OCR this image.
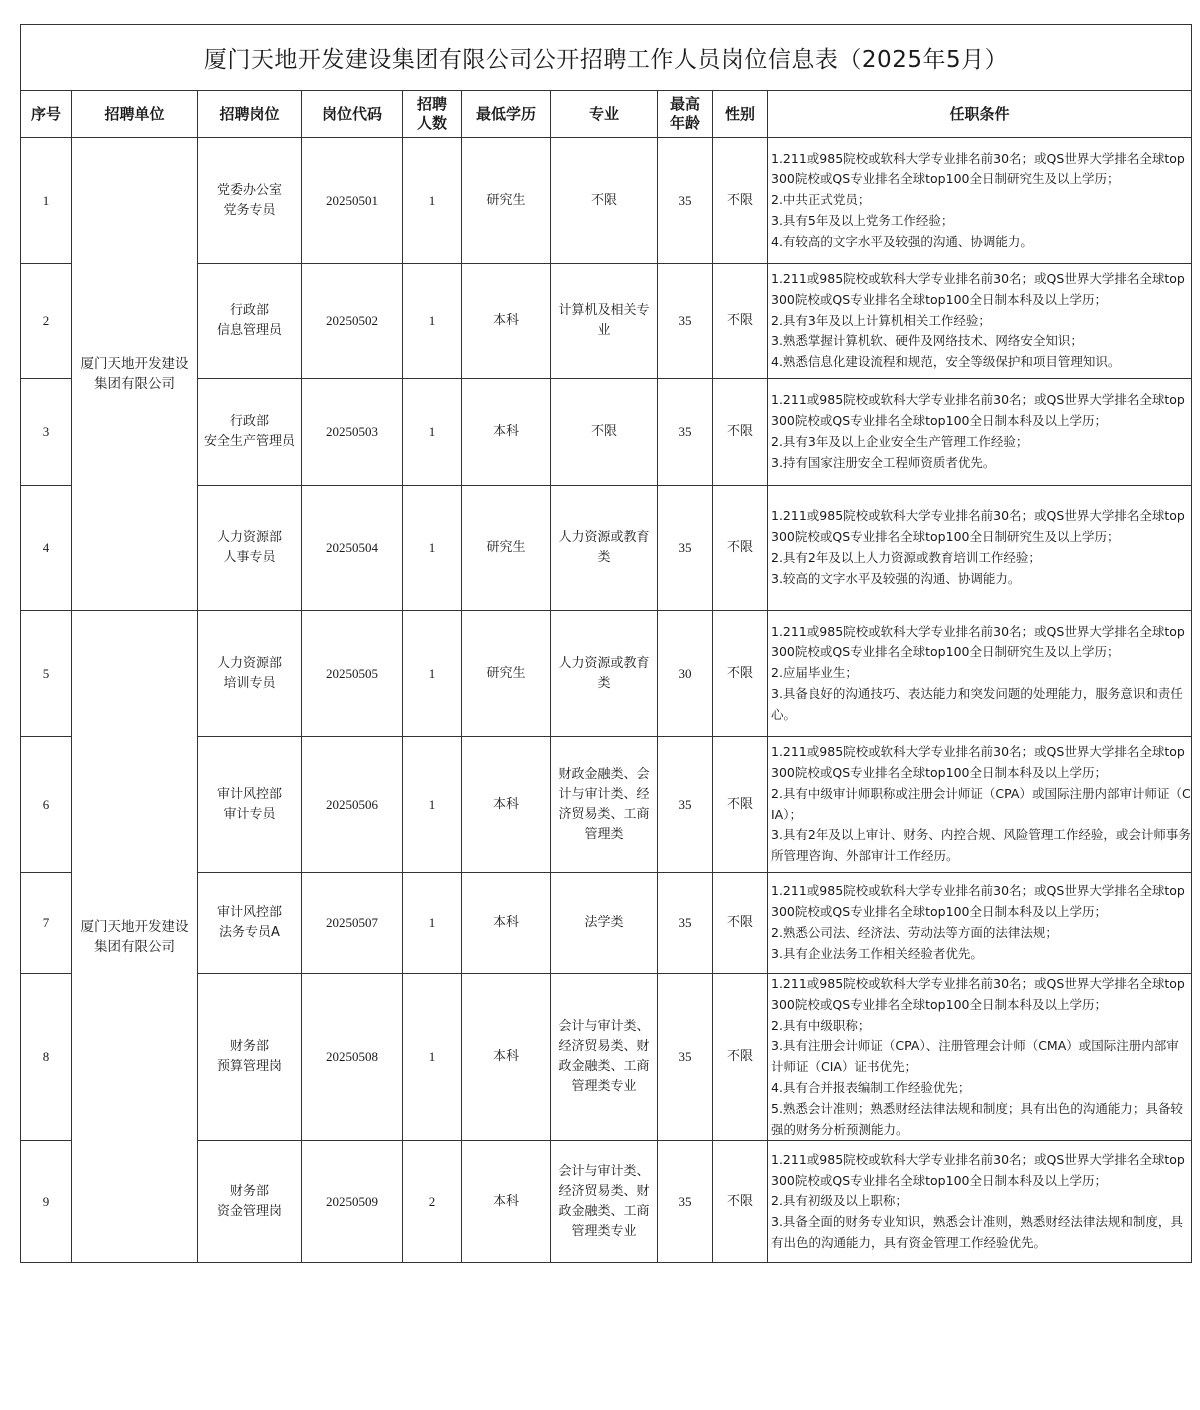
厦门天地开发建设集团有限公司公开招聘工作人员岗位信息表（2025年5月）									
序号	招聘单位	招聘岗位	岗位代码	招聘
人数	最低学历	专业	最高
年龄	性别	任职条件
1	厦门天地开发建设集团有限公司	党委办公室
党务专员	20250501	1	研究生	不限	35	不限	1.211或985院校或软科大学专业排名前30名；或QS世界大学排名全球top300院校或QS专业排名全球top100全日制研究生及以上学历；
2.中共正式党员；
3.具有5年及以上党务工作经验；
4.有较高的文字水平及较强的沟通、协调能力。

2		行政部
信息管理员	20250502	1	本科	计算机及相关专业	35	不限	1.211或985院校或软科大学专业排名前30名；或QS世界大学排名全球top300院校或QS专业排名全球top100全日制本科及以上学历；
2.具有3年及以上计算机相关工作经验；
3.熟悉掌握计算机软、硬件及网络技术、网络安全知识；
4.熟悉信息化建设流程和规范，安全等级保护和项目管理知识。

3		行政部
安全生产管理员	20250503	1	本科	不限	35	不限	1.211或985院校或软科大学专业排名前30名；或QS世界大学排名全球top300院校或QS专业排名全球top100全日制本科及以上学历；
2.具有3年及以上企业安全生产管理工作经验；
3.持有国家注册安全工程师资质者优先。

4		人力资源部
人事专员	20250504	1	研究生	人力资源或教育类	35	不限	1.211或985院校或软科大学专业排名前30名；或QS世界大学排名全球top300院校或QS专业排名全球top100全日制研究生及以上学历；
2.具有2年及以上人力资源或教育培训工作经验；
3.较高的文字水平及较强的沟通、协调能力。

5	厦门天地开发建设集团有限公司	人力资源部
培训专员	20250505	1	研究生	人力资源或教育类	30	不限	1.211或985院校或软科大学专业排名前30名；或QS世界大学排名全球top300院校或QS专业排名全球top100全日制研究生及以上学历；
2.应届毕业生；
3.具备良好的沟通技巧、表达能力和突发问题的处理能力，服务意识和责任心。

6		审计风控部
审计专员	20250506	1	本科	财政金融类、会计与审计类、经济贸易类、工商管理类	35	不限	1.211或985院校或软科大学专业排名前30名；或QS世界大学排名全球top300院校或QS专业排名全球top100全日制本科及以上学历；
2.具有中级审计师职称或注册会计师证（CPA）或国际注册内部审计师证（CIA）；
3.具有2年及以上审计、财务、内控合规、风险管理工作经验，或会计师事务所管理咨询、外部审计工作经历。

7		审计风控部
法务专员A	20250507	1	本科	法学类	35	不限	1.211或985院校或软科大学专业排名前30名；或QS世界大学排名全球top300院校或QS专业排名全球top100全日制本科及以上学历；
2.熟悉公司法、经济法、劳动法等方面的法律法规；
3.具有企业法务工作相关经验者优先。

8		财务部
预算管理岗	20250508	1	本科	会计与审计类、经济贸易类、财政金融类、工商管理类专业	35	不限	1.211或985院校或软科大学专业排名前30名；或QS世界大学排名全球top300院校或QS专业排名全球top100全日制本科及以上学历；
2.具有中级职称；
3.具有注册会计师证（CPA）、注册管理会计师（CMA）或国际注册内部审计师证（CIA）证书优先；
4.具有合并报表编制工作经验优先；
5.熟悉会计准则；熟悉财经法律法规和制度；具有出色的沟通能力；具备较强的财务分析预测能力。

9		财务部
资金管理岗	20250509	2	本科	会计与审计类、经济贸易类、财政金融类、工商管理类专业	35	不限	1.211或985院校或软科大学专业排名前30名；或QS世界大学排名全球top300院校或QS专业排名全球top100全日制本科及以上学历；
2.具有初级及以上职称；
3.具备全面的财务专业知识，熟悉会计准则，熟悉财经法律法规和制度，具有出色的沟通能力，具有资金管理工作经验优先。
